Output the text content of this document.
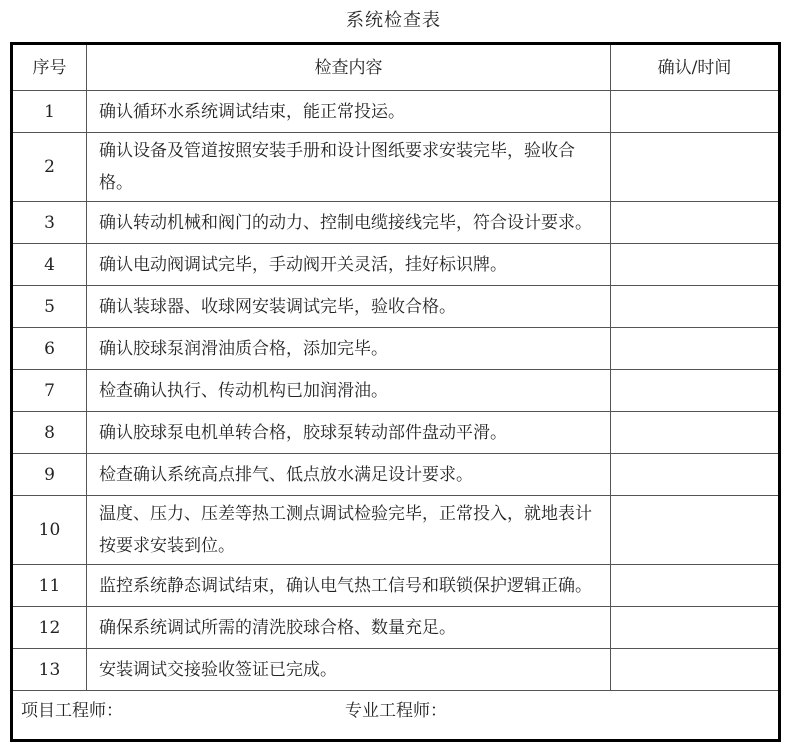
系统检查表
序号	检查内容	确认/时间
1	确认循环水系统调试结束，能正常投运。	
2	确认设备及管道按照安装手册和设计图纸要求安装完毕，验收合格。	
3	确认转动机械和阀门的动力、控制电缆接线完毕，符合设计要求。	
4	确认电动阀调试完毕，手动阀开关灵活，挂好标识牌。	
5	确认装球器、收球网安装调试完毕，验收合格。	
6	确认胶球泵润滑油质合格，添加完毕。	
7	检查确认执行、传动机构已加润滑油。	
8	确认胶球泵电机单转合格，胶球泵转动部件盘动平滑。	
9	检查确认系统高点排气、低点放水满足设计要求。	
10	温度、压力、压差等热工测点调试检验完毕，正常投入，就地表计按要求安装到位。	
11	监控系统静态调试结束，确认电气热工信号和联锁保护逻辑正确。	
12	确保系统调试所需的清洗胶球合格、数量充足。	
13	安装调试交接验收签证已完成。	

项目工程师： 专业工程师：		
